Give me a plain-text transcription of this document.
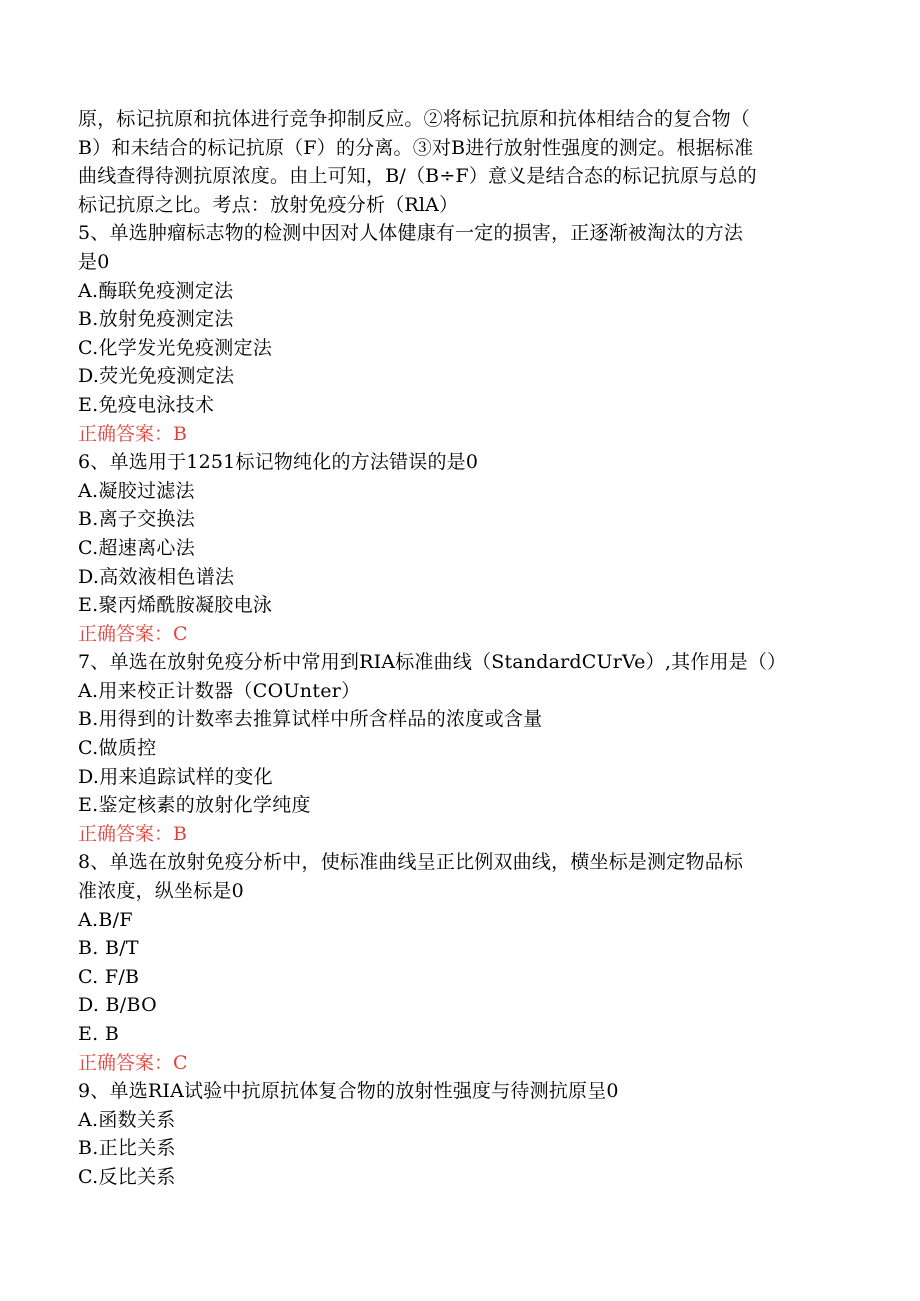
原，标记抗原和抗体进行竞争抑制反应。②将标记抗原和抗体相结合的复合物（
B）和未结合的标记抗原（F）的分离。③对B进行放射性强度的测定。根据标准
曲线查得待测抗原浓度。由上可知，B/（B÷F）意义是结合态的标记抗原与总的
标记抗原之比。考点：放射免疫分析（RlA）
5、单选肿瘤标志物的检测中因对人体健康有一定的损害，正逐渐被淘汰的方法
是0
A.酶联免疫测定法
B.放射免疫测定法
C.化学发光免疫测定法
D.荧光免疫测定法
E.免疫电泳技术
正确答案：B
6、单选用于1251标记物纯化的方法错误的是0
A.凝胶过滤法
B.离子交换法
C.超速离心法
D.高效液相色谱法
E.聚丙烯酰胺凝胶电泳
正确答案：C
7、单选在放射免疫分析中常用到RIA标准曲线（StandardCUrVe）,其作用是（）
A.用来校正计数器（COUnter）
B.用得到的计数率去推算试样中所含样品的浓度或含量
C.做质控
D.用来追踪试样的变化
E.鉴定核素的放射化学纯度
正确答案：B
8、单选在放射免疫分析中，使标准曲线呈正比例双曲线，横坐标是测定物品标
准浓度，纵坐标是0
A.B/F
B. B/T
C. F/B
D. B/BO
E. B
正确答案：C
9、单选RIA试验中抗原抗体复合物的放射性强度与待测抗原呈0
A.函数关系
B.正比关系
C.反比关系
